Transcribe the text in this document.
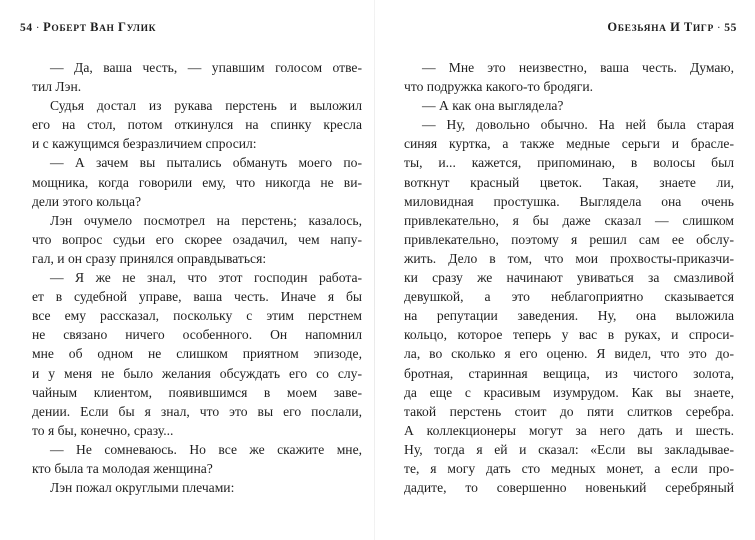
54 · РОБЕРТ ВАН ГУЛИК
— Да, ваша честь, — упавшим голосом отве-
тил Лэн.
Судья достал из рукава перстень и выложил
его на стол, потом откинулся на спинку кресла
и с кажущимся безразличием спросил:
— А зачем вы пытались обмануть моего по-
мощника, когда говорили ему, что никогда не ви-
дели этого кольца?
Лэн очумело посмотрел на перстень; казалось,
что вопрос судьи его скорее озадачил, чем напу-
гал, и он сразу принялся оправдываться:
— Я же не знал, что этот господин работа-
ет в судебной управе, ваша честь. Иначе я бы
все ему рассказал, поскольку с этим перстнем
не связано ничего особенного. Он напомнил
мне об одном не слишком приятном эпизоде,
и у меня не было желания обсуждать его со слу-
чайным клиентом, появившимся в моем заве-
дении. Если бы я знал, что это вы его послали,
то я бы, конечно, сразу...
— Не сомневаюсь. Но все же скажите мне,
кто была та молодая женщина?
Лэн пожал округлыми плечами:
ОБЕЗЬЯНА И ТИГР · 55
— Мне это неизвестно, ваша честь. Думаю,
что подружка какого-то бродяги.
— А как она выглядела?
— Ну, довольно обычно. На ней была старая
синяя куртка, а также медные серьги и брасле-
ты, и... кажется, припоминаю, в волосы был
воткнут красный цветок. Такая, знаете ли,
миловидная простушка. Выглядела она очень
привлекательно, я бы даже сказал — слишком
привлекательно, поэтому я решил сам ее обслу-
жить. Дело в том, что мои прохвосты-приказчи-
ки сразу же начинают увиваться за смазливой
девушкой, а это неблагоприятно сказывается
на репутации заведения. Ну, она выложила
кольцо, которое теперь у вас в руках, и спроси-
ла, во сколько я его оценю. Я видел, что это до-
бротная, старинная вещица, из чистого золота,
да еще с красивым изумрудом. Как вы знаете,
такой перстень стоит до пяти слитков серебра.
А коллекционеры могут за него дать и шесть.
Ну, тогда я ей и сказал: «Если вы закладывае-
те, я могу дать сто медных монет, а если про-
дадите, то совершенно новенький серебряный
